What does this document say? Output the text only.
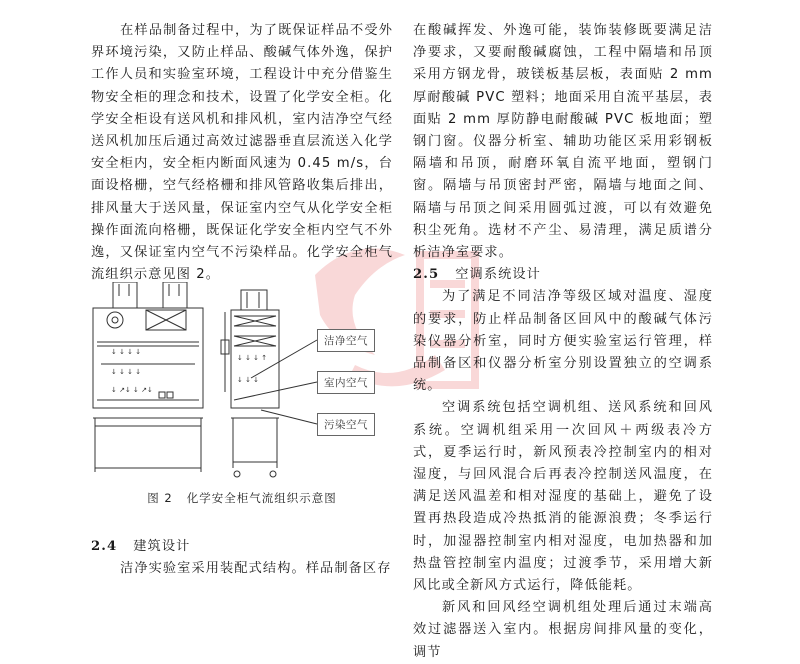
在样品制备过程中，为了既保证样品不受外界环境污染，又防止样品、酸碱气体外逸，保护工作人员和实验室环境，工程设计中充分借鉴生物安全柜的理念和技术，设置了化学安全柜。化学安全柜设有送风机和排风机，室内洁净空气经送风机加压后通过高效过滤器垂直层流送入化学安全柜内，安全柜内断面风速为 0.45 m/s，台面设格栅，空气经格栅和排风管路收集后排出，排风量大于送风量，保证室内空气从化学安全柜操作面流向格栅，既保证化学安全柜内空气不外逸，又保证室内空气不污染样品。化学安全柜气流组织示意见图 2。

↓ ↓ ↓ ↓
↓ ↓ ↓ ↓
↓ ↗↓ ↓ ↗↓
↓ ↓ ↓ ↑
↓ ↓ ↓
洁净空气
室内空气
污染空气
图 2 化学安全柜气流组织示意图
2.4 建筑设计

洁净实验室采用装配式结构。样品制备区存

在酸碱挥发、外逸可能，装饰装修既要满足洁净要求，又要耐酸碱腐蚀，工程中隔墙和吊顶采用方钢龙骨，玻镁板基层板，表面贴 2 mm 厚耐酸碱 PVC 塑料；地面采用自流平基层，表面贴 2 mm 厚防静电耐酸碱 PVC 板地面；塑钢门窗。仪器分析室、辅助功能区采用彩钢板隔墙和吊顶，耐磨环氧自流平地面，塑钢门窗。隔墙与吊顶密封严密，隔墙与地面之间、隔墙与吊顶之间采用圆弧过渡，可以有效避免积尘死角。选材不产尘、易清理，满足质谱分析洁净室要求。

2.5 空调系统设计

为了满足不同洁净等级区域对温度、湿度的要求，防止样品制备区回风中的酸碱气体污染仪器分析室，同时方便实验室运行管理，样品制备区和仪器分析室分别设置独立的空调系统。

空调系统包括空调机组、送风系统和回风系统。空调机组采用一次回风＋两级表冷方式，夏季运行时，新风预表冷控制室内的相对湿度，与回风混合后再表冷控制送风温度，在满足送风温差和相对湿度的基础上，避免了设置再热段造成冷热抵消的能源浪费；冬季运行时，加湿器控制室内相对湿度，电加热器和加热盘管控制室内温度；过渡季节，采用增大新风比或全新风方式运行，降低能耗。

新风和回风经空调机组处理后通过末端高效过滤器送入室内。根据房间排风量的变化，调节
